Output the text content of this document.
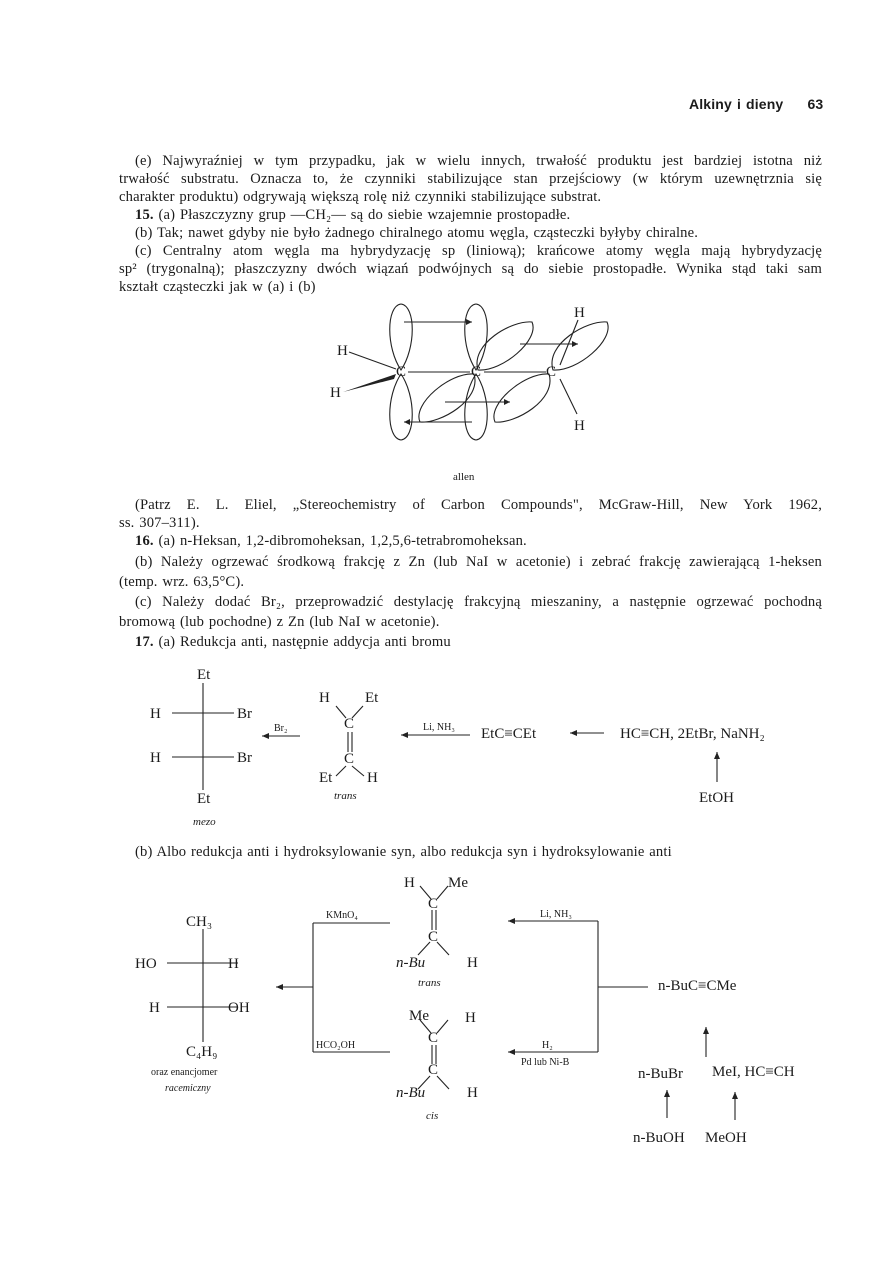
Alkiny i dieny 63
(e) Najwyraźniej w tym przypadku, jak w wielu innych, trwałość produktu jest bardziej istotna niż
trwałość substratu. Oznacza to, że czynniki stabilizujące stan przejściowy (w którym uzewnętrznia się
charakter produktu) odgrywają większą rolę niż czynniki stabilizujące substrat.
15. (a) Płaszczyzny grup —CH₂— są do siebie wzajemnie prostopadłe.
(b) Tak; nawet gdyby nie było żadnego chiralnego atomu węgla, cząsteczki byłyby chiralne.
(c) Centralny atom węgla ma hybrydyzację sp (liniową); krańcowe atomy węgla mają hybrydyzację
sp² (trygonalną); płaszczyzny dwóch wiązań podwójnych są do siebie prostopadłe. Wynika stąd taki sam
kształt cząsteczki jak w (a) i (b)
H
H
C	C	C
H
H
allen
(Patrz E. L. Eliel, „Stereochemistry of Carbon Compounds", McGraw-Hill, New York 1962,
ss. 307–311).
16. (a) n-Heksan, 1,2-dibromoheksan, 1,2,5,6-tetrabromoheksan.
(b) Należy ogrzewać środkową frakcję z Zn (lub NaI w acetonie) i zebrać frakcję zawierającą 1-heksen
(temp. wrz. 63,5°C).
(c) Należy dodać Br₂, przeprowadzić destylację frakcyjną mieszaniny, a następnie ogrzewać pochodną
bromową (lub pochodne) z Zn (lub NaI w acetonie).
17. (a) Redukcja anti, następnie addycja anti bromu
Et
H	Br
H	Br
Et
mezo
Br₂
H Et
C
C
Et H
trans
Li, NH₃ EtC≡CEt	HC≡CH, 2EtBr, NaNH₂
EtOH
(b) Albo redukcja anti i hydroksylowanie syn, albo redukcja syn i hydroksylowanie anti
CH₃
HO	H
H	OH
C₄H₉
oraz enancjomer
racemiczny
KMnO₄
HCO₂OH
H Me
C
C
n-Bu	H
trans
Me H
C
C
n-Bu	H
cis
Li, NH₃
H₂
Pd lub Ni-B
n-BuC≡CMe
n-BuBr MeI, HC≡CH
n-BuOH MeOH
